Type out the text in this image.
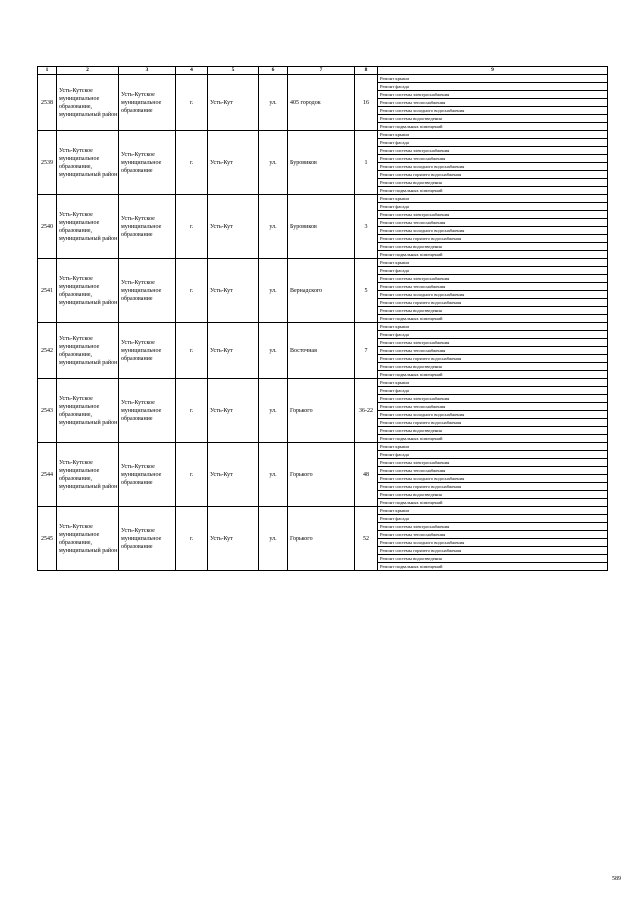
1	2	3	4	5	6	7	8	9
2538	Усть-Кутское муниципальное образование, муниципальный район	Усть-Кутское муниципальное образование	г.	Усть-Кут	ул.	405 городок	16	Ремонт крыши
								Ремонт фасада
								Ремонт системы электроснабжения
								Ремонт системы теплоснабжения
								Ремонт системы холодного водоснабжения
								Ремонт системы водоотведения
								Ремонт подвальных помещений
2539	Усть-Кутское муниципальное образование, муниципальный район	Усть-Кутское муниципальное образование	г.	Усть-Кут	ул.	Буровиков	1	Ремонт крыши
								Ремонт фасада
								Ремонт системы электроснабжения
								Ремонт системы теплоснабжения
								Ремонт системы холодного водоснабжения
								Ремонт системы горячего водоснабжения
								Ремонт системы водоотведения
								Ремонт подвальных помещений
2540	Усть-Кутское муниципальное образование, муниципальный район	Усть-Кутское муниципальное образование	г.	Усть-Кут	ул.	Буровиков	3	Ремонт крыши
								Ремонт фасада
								Ремонт системы электроснабжения
								Ремонт системы теплоснабжения
								Ремонт системы холодного водоснабжения
								Ремонт системы горячего водоснабжения
								Ремонт системы водоотведения
								Ремонт подвальных помещений
2541	Усть-Кутское муниципальное образование, муниципальный район	Усть-Кутское муниципальное образование	г.	Усть-Кут	ул.	Вернадского	5	Ремонт крыши
								Ремонт фасада
								Ремонт системы электроснабжения
								Ремонт системы теплоснабжения
								Ремонт системы холодного водоснабжения
								Ремонт системы горячего водоснабжения
								Ремонт системы водоотведения
								Ремонт подвальных помещений
2542	Усть-Кутское муниципальное образование, муниципальный район	Усть-Кутское муниципальное образование	г.	Усть-Кут	ул.	Восточная	7	Ремонт крыши
								Ремонт фасада
								Ремонт системы электроснабжения
								Ремонт системы теплоснабжения
								Ремонт системы горячего водоснабжения
								Ремонт системы водоотведения
								Ремонт подвальных помещений
2543	Усть-Кутское муниципальное образование, муниципальный район	Усть-Кутское муниципальное образование	г.	Усть-Кут	ул.	Горького	36-22	Ремонт крыши
								Ремонт фасада
								Ремонт системы электроснабжения
								Ремонт системы теплоснабжения
								Ремонт системы холодного водоснабжения
								Ремонт системы горячего водоснабжения
								Ремонт системы водоотведения
								Ремонт подвальных помещений
2544	Усть-Кутское муниципальное образование, муниципальный район	Усть-Кутское муниципальное образование	г.	Усть-Кут	ул.	Горького	48	Ремонт крыши
								Ремонт фасада
								Ремонт системы электроснабжения
								Ремонт системы теплоснабжения
								Ремонт системы холодного водоснабжения
								Ремонт системы горячего водоснабжения
								Ремонт системы водоотведения
								Ремонт подвальных помещений
2545	Усть-Кутское муниципальное образование, муниципальный район	Усть-Кутское муниципальное образование	г.	Усть-Кут	ул.	Горького	52	Ремонт крыши
								Ремонт фасада
								Ремонт системы электроснабжения
								Ремонт системы теплоснабжения
								Ремонт системы холодного водоснабжения
								Ремонт системы горячего водоснабжения
								Ремонт системы водоотведения
								Ремонт подвальных помещений
589
